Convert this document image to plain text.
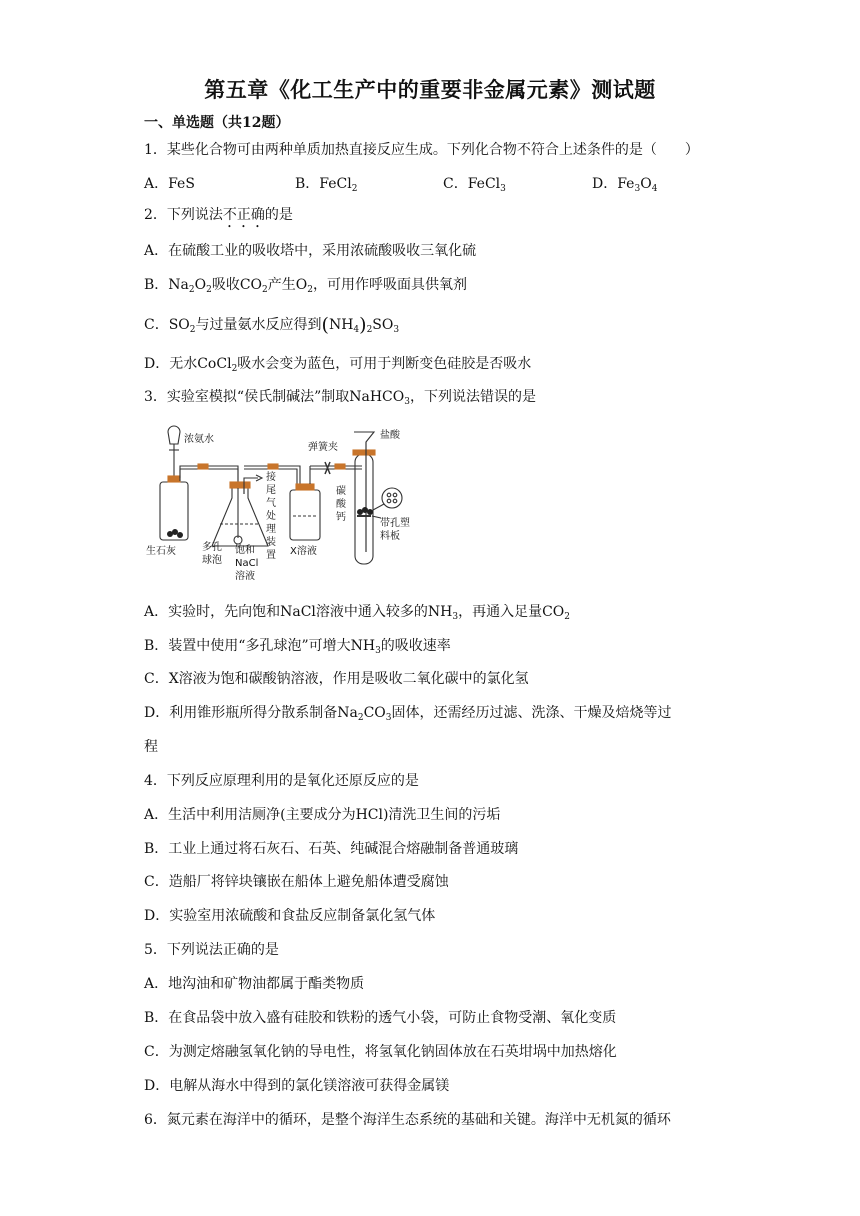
第五章《化工生产中的重要非金属元素》测试题
一、单选题（共12题）
1．某些化合物可由两种单质加热直接反应生成。下列化合物不符合上述条件的是（　　）
A．FeS	B．FeCl$_2$	C．FeCl$_3$	D．$Fe_3O_4$
2．下列说法不正确的是
A．在硫酸工业的吸收塔中，采用浓硫酸吸收三氧化硫
B．$Na_2O_2$吸收$CO_2$产生$O_2$，可用作呼吸面具供氧剂
C．$SO_2$与过量氨水反应得到$(NH_4)_2SO_3$
D．无水CoCl$_2$吸水会变为蓝色，可用于判断变色硅胶是否吸水
3．实验室模拟“侯氏制碱法”制取NaHCO$_3$，下列说法错误的是
浓氨水
生石灰	多孔
球泡
饱和
NaCl
溶液
接
尾
气
处
理
装
置 X溶液
弹簧夹
盐酸
碳
酸
钙
带孔塑
料板
A．实验时，先向饱和NaCl溶液中通入较多的$NH_3$，再通入足量$CO_2$
B．装置中使用“多孔球泡”可增大$NH_3$的吸收速率
C．X溶液为饱和碳酸钠溶液，作用是吸收二氧化碳中的氯化氢
D．利用锥形瓶所得分散系制备$Na_2CO_3$固体，还需经历过滤、洗涤、干燥及焙烧等过
程
4．下列反应原理利用的是氧化还原反应的是
A．生活中利用洁厕净(主要成分为HCl)清洗卫生间的污垢
B．工业上通过将石灰石、石英、纯碱混合熔融制备普通玻璃
C．造船厂将锌块镶嵌在船体上避免船体遭受腐蚀
D．实验室用浓硫酸和食盐反应制备氯化氢气体
5．下列说法正确的是
A．地沟油和矿物油都属于酯类物质
B．在食品袋中放入盛有硅胶和铁粉的透气小袋，可防止食物受潮、氧化变质
C．为测定熔融氢氧化钠的导电性，将氢氧化钠固体放在石英坩埚中加热熔化
D．电解从海水中得到的氯化镁溶液可获得金属镁
6．氮元素在海洋中的循环，是整个海洋生态系统的基础和关键。海洋中无机氮的循环
